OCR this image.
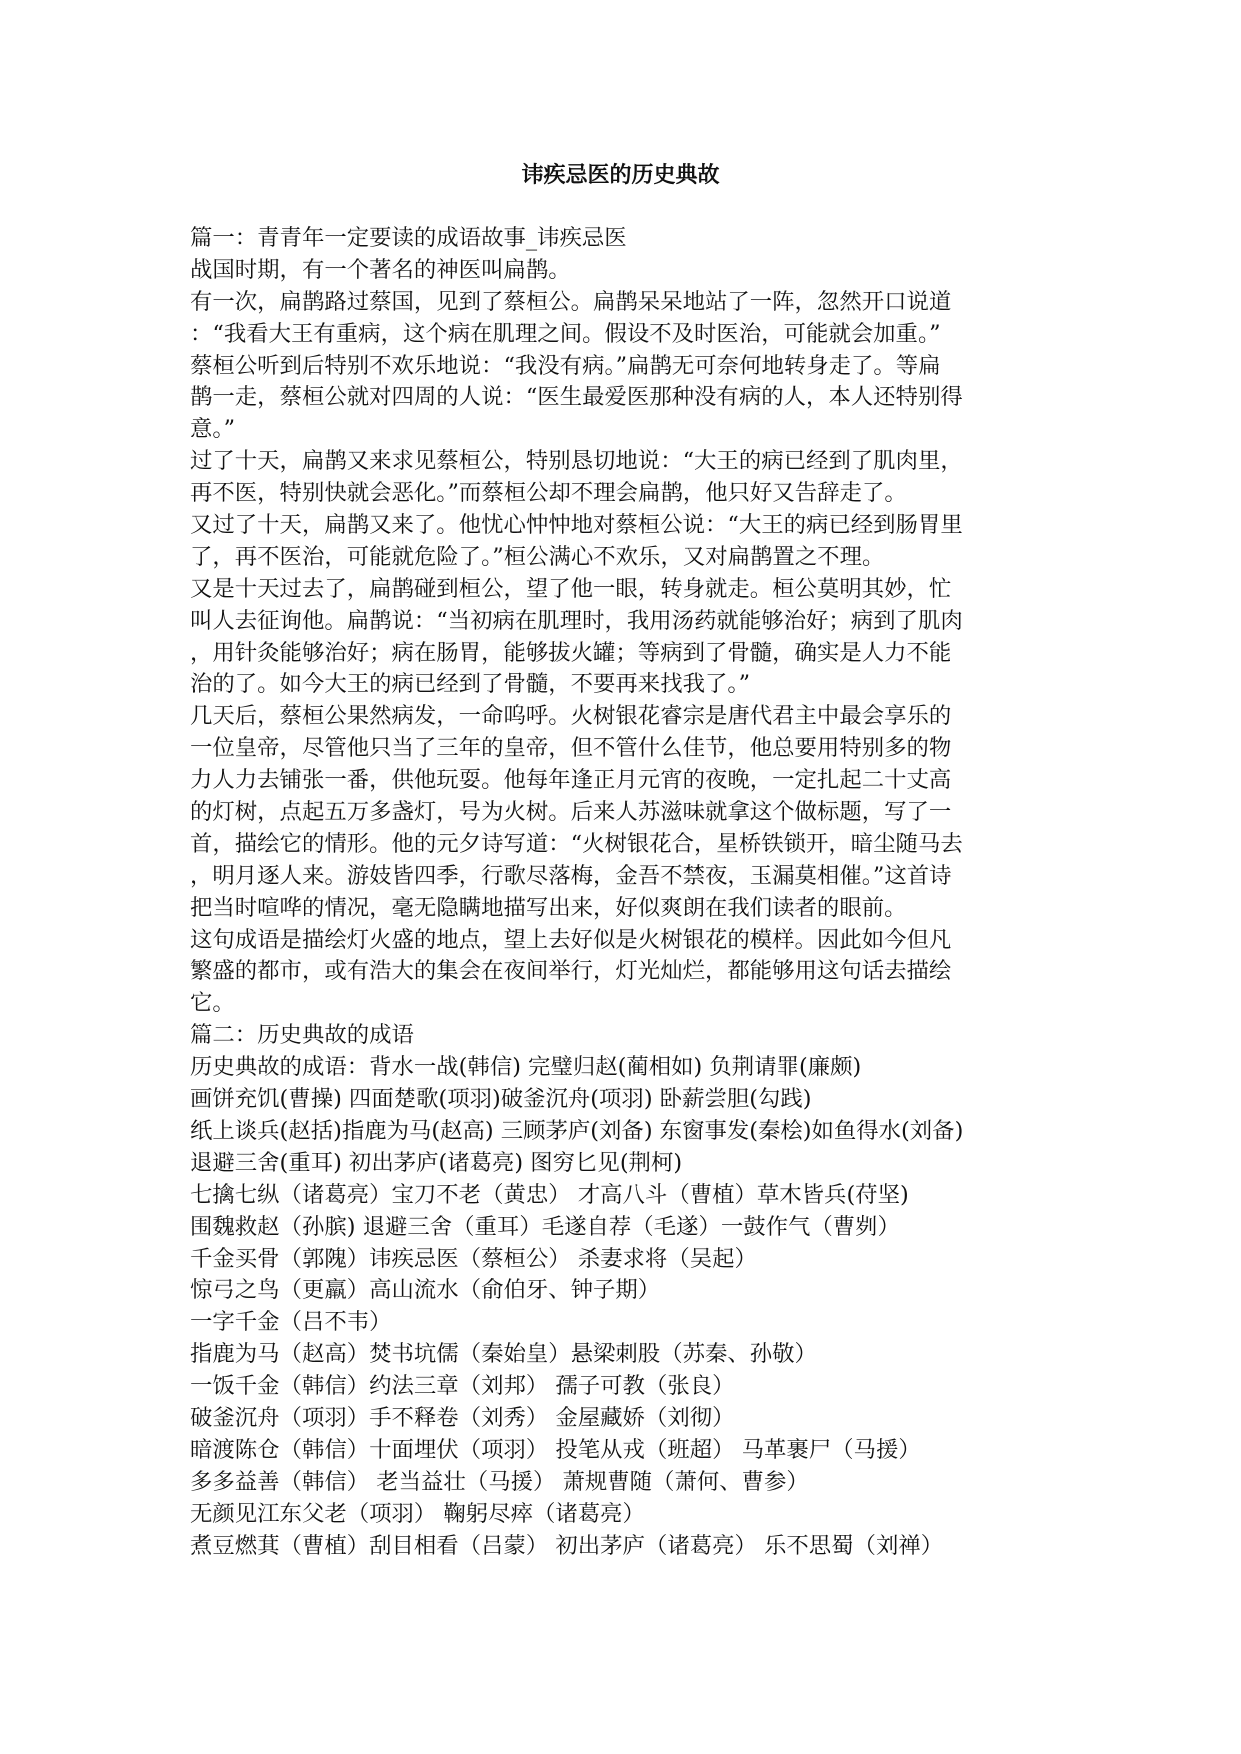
讳疾忌医的历史典故

篇一：青青年一定要读的成语故事_讳疾忌医

战国时期，有一个著名的神医叫扁鹊。

有一次，扁鹊路过蔡国，见到了蔡桓公。扁鹊呆呆地站了一阵，忽然开口说道

：“我看大王有重病，这个病在肌理之间。假设不及时医治，可能就会加重。”

蔡桓公听到后特别不欢乐地说：“我没有病。”扁鹊无可奈何地转身走了。等扁

鹊一走，蔡桓公就对四周的人说：“医生最爱医那种没有病的人，本人还特别得

意。”

过了十天，扁鹊又来求见蔡桓公，特别恳切地说：“大王的病已经到了肌肉里，

再不医，特别快就会恶化。”而蔡桓公却不理会扁鹊，他只好又告辞走了。

又过了十天，扁鹊又来了。他忧心忡忡地对蔡桓公说：“大王的病已经到肠胃里

了，再不医治，可能就危险了。”桓公满心不欢乐，又对扁鹊置之不理。

又是十天过去了，扁鹊碰到桓公，望了他一眼，转身就走。桓公莫明其妙，忙

叫人去征询他。扁鹊说：“当初病在肌理时，我用汤药就能够治好；病到了肌肉

，用针灸能够治好；病在肠胃，能够拔火罐；等病到了骨髓，确实是人力不能

治的了。如今大王的病已经到了骨髓，不要再来找我了。”

几天后，蔡桓公果然病发，一命呜呼。火树银花睿宗是唐代君主中最会享乐的

一位皇帝，尽管他只当了三年的皇帝，但不管什么佳节，他总要用特别多的物

力人力去铺张一番，供他玩耍。他每年逢正月元宵的夜晚，一定扎起二十丈高

的灯树，点起五万多盏灯，号为火树。后来人苏滋味就拿这个做标题，写了一

首，描绘它的情形。他的元夕诗写道：“火树银花合，星桥铁锁开，暗尘随马去

，明月逐人来。游妓皆四季，行歌尽落梅，金吾不禁夜，玉漏莫相催。”这首诗

把当时喧哗的情况，毫无隐瞒地描写出来，好似爽朗在我们读者的眼前。

这句成语是描绘灯火盛的地点，望上去好似是火树银花的模样。因此如今但凡

繁盛的都市，或有浩大的集会在夜间举行，灯光灿烂，都能够用这句话去描绘

它。

篇二：历史典故的成语

历史典故的成语：背水一战(韩信) 完璧归赵(蔺相如) 负荆请罪(廉颇)

画饼充饥(曹操) 四面楚歌(项羽)破釜沉舟(项羽) 卧薪尝胆(勾践)

纸上谈兵(赵括)指鹿为马(赵高) 三顾茅庐(刘备) 东窗事发(秦桧)如鱼得水(刘备)

退避三舍(重耳) 初出茅庐(诸葛亮) 图穷匕见(荆柯)

七擒七纵（诸葛亮）宝刀不老（黄忠） 才高八斗（曹植）草木皆兵(苻坚)

围魏救赵（孙膑) 退避三舍（重耳）毛遂自荐（毛遂）一鼓作气（曹刿）

千金买骨（郭隗）讳疾忌医（蔡桓公） 杀妻求将（吴起）

惊弓之鸟（更羸）高山流水（俞伯牙、钟子期）

一字千金（吕不韦）

指鹿为马（赵高）焚书坑儒（秦始皇）悬梁刺股（苏秦、孙敬）

一饭千金（韩信）约法三章（刘邦） 孺子可教（张良）

破釜沉舟（项羽）手不释卷（刘秀） 金屋藏娇（刘彻）

暗渡陈仓（韩信）十面埋伏（项羽） 投笔从戎（班超） 马革裹尸（马援）

多多益善（韩信） 老当益壮（马援） 萧规曹随（萧何、曹参）

无颜见江东父老（项羽） 鞠躬尽瘁（诸葛亮）

煮豆燃萁（曹植）刮目相看（吕蒙） 初出茅庐（诸葛亮） 乐不思蜀（刘禅）
